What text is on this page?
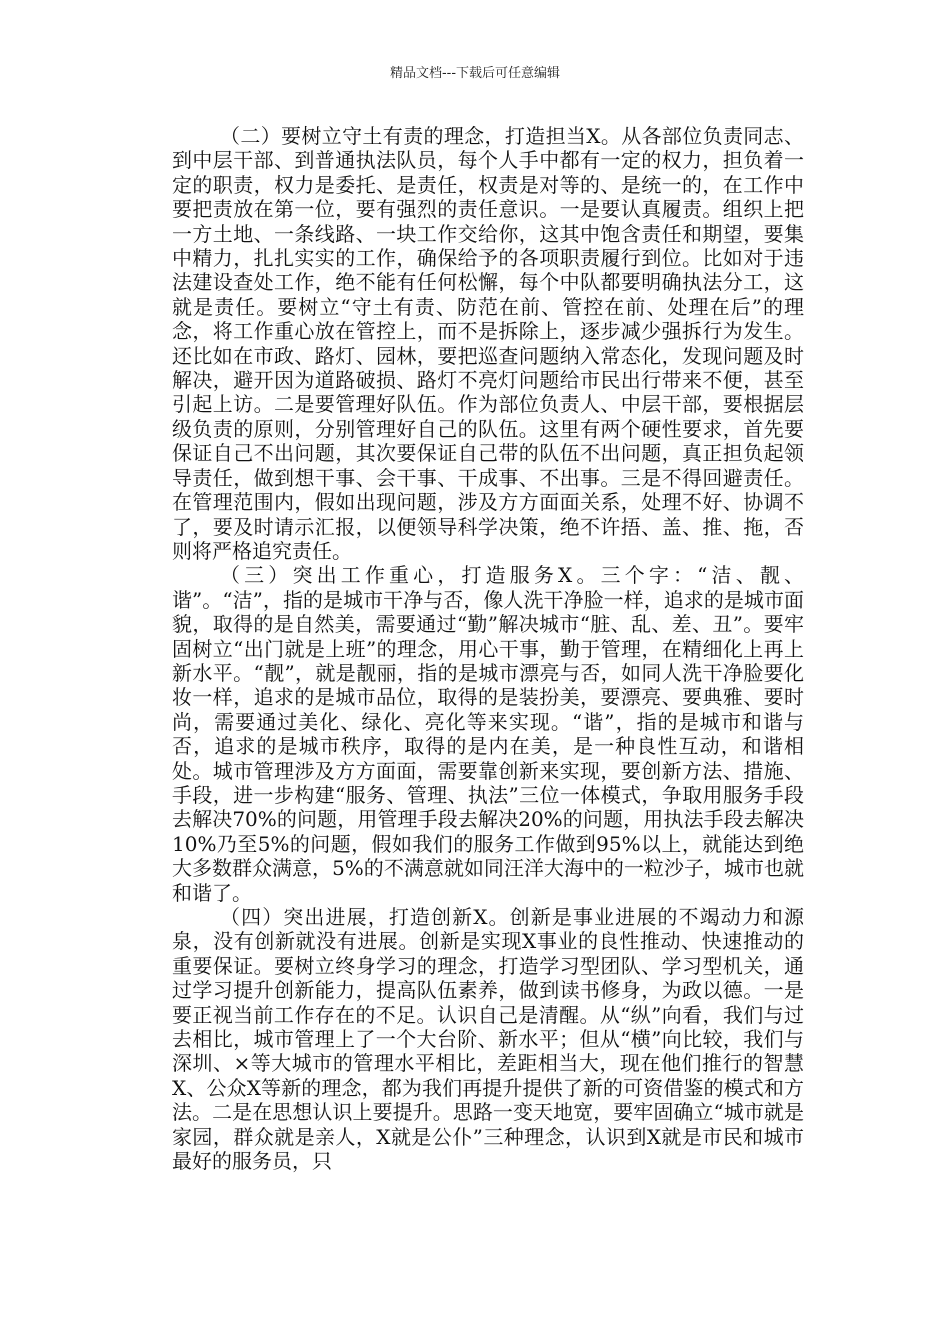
精品文档---下载后可任意编辑

（二）要树立守土有责的理念，打造担当X。从各部位负责同志、到中层干部、到普通执法队员，每个人手中都有一定的权力，担负着一定的职责，权力是委托、是责任，权责是对等的、是统一的，在工作中要把责放在第一位，要有强烈的责任意识。一是要认真履责。组织上把一方土地、一条线路、一块工作交给你，这其中饱含责任和期望，要集中精力，扎扎实实的工作，确保给予的各项职责履行到位。比如对于违法建设查处工作，绝不能有任何松懈，每个中队都要明确执法分工，这就是责任。要树立“守土有责、防范在前、管控在前、处理在后”的理念，将工作重心放在管控上，而不是拆除上，逐步减少强拆行为发生。还比如在市政、路灯、园林，要把巡查问题纳入常态化，发现问题及时解决，避开因为道路破损、路灯不亮灯问题给市民出行带来不便，甚至引起上访。二是要管理好队伍。作为部位负责人、中层干部，要根据层级负责的原则，分别管理好自己的队伍。这里有两个硬性要求，首先要保证自己不出问题，其次要保证自己带的队伍不出问题，真正担负起领导责任，做到想干事、会干事、干成事、不出事。三是不得回避责任。在管理范围内，假如出现问题，涉及方方面面关系，处理不好、协调不了，要及时请示汇报，以便领导科学决策，绝不许捂、盖、推、拖，否则将严格追究责任。

（三）突出工作重心，打造服务X。三个字：“洁、靓、谐”。“洁”，指的是城市干净与否，像人洗干净脸一样，追求的是城市面貌，取得的是自然美，需要通过“勤”解决城市“脏、乱、差、丑”。要牢固树立“出门就是上班”的理念，用心干事，勤于管理，在精细化上再上新水平。“靓”，就是靓丽，指的是城市漂亮与否，如同人洗干净脸要化妆一样，追求的是城市品位，取得的是装扮美，要漂亮、要典雅、要时尚，需要通过美化、绿化、亮化等来实现。“谐”，指的是城市和谐与否，追求的是城市秩序，取得的是内在美，是一种良性互动，和谐相处。城市管理涉及方方面面，需要靠创新来实现，要创新方法、措施、手段，进一步构建“服务、管理、执法”三位一体模式，争取用服务手段去解决70%的问题，用管理手段去解决20%的问题，用执法手段去解决10%乃至5%的问题，假如我们的服务工作做到95%以上，就能达到绝大多数群众满意，5%的不满意就如同汪洋大海中的一粒沙子，城市也就和谐了。

（四）突出进展，打造创新X。创新是事业进展的不竭动力和源泉，没有创新就没有进展。创新是实现X事业的良性推动、快速推动的重要保证。要树立终身学习的理念，打造学习型团队、学习型机关，通过学习提升创新能力，提高队伍素养，做到读书修身，为政以德。一是要正视当前工作存在的不足。认识自己是清醒。从“纵”向看，我们与过去相比，城市管理上了一个大台阶、新水平；但从“横”向比较，我们与深圳、×等大城市的管理水平相比，差距相当大，现在他们推行的智慧X、公众X等新的理念，都为我们再提升提供了新的可资借鉴的模式和方法。二是在思想认识上要提升。思路一变天地宽，要牢固确立“城市就是家园，群众就是亲人，X就是公仆”三种理念，认识到X就是市民和城市最好的服务员，只
